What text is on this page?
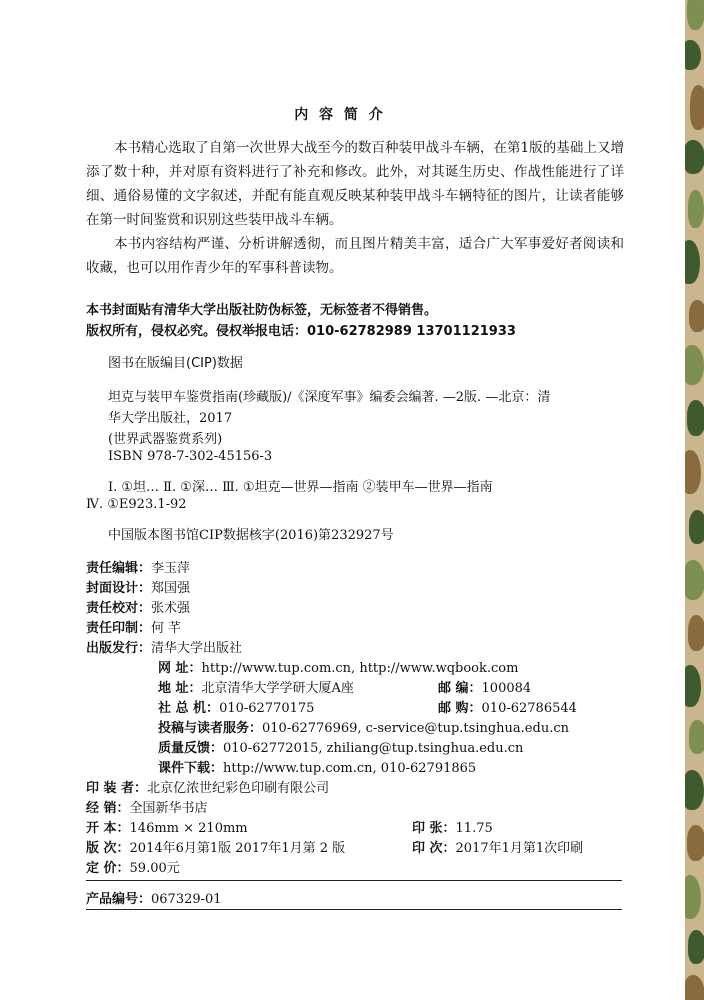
内 容 简 介

本书精心选取了自第一次世界大战至今的数百种装甲战斗车辆，在第1版的基础上又增添了数十种，并对原有资料进行了补充和修改。此外，对其诞生历史、作战性能进行了详细、通俗易懂的文字叙述，并配有能直观反映某种装甲战斗车辆特征的图片，让读者能够在第一时间鉴赏和识别这些装甲战斗车辆。

本书内容结构严谨、分析讲解透彻，而且图片精美丰富，适合广大军事爱好者阅读和收藏，也可以用作青少年的军事科普读物。

本书封面贴有清华大学出版社防伪标签，无标签者不得销售。
版权所有，侵权必究。侵权举报电话：010-62782989 13701121933
图书在版编目(CIP)数据
坦克与装甲车鉴赏指南(珍藏版)/《深度军事》编委会编著. —2版. —北京：清
华大学出版社，2017
(世界武器鉴赏系列)
ISBN 978-7-302-45156-3
Ⅰ. ①坦… Ⅱ. ①深… Ⅲ. ①坦克—世界—指南 ②装甲车—世界—指南
Ⅳ. ①E923.1-92
中国版本图书馆CIP数据核字(2016)第232927号
责任编辑：李玉萍
封面设计：郑国强
责任校对：张术强
责任印制：何 芊
出版发行：清华大学出版社
网 址：http://www.tup.com.cn, http://www.wqbook.com
地 址：北京清华大学学研大厦A座	邮 编：100084
社 总 机：010-62770175	邮 购：010-62786544
投稿与读者服务：010-62776969, c-service@tup.tsinghua.edu.cn
质量反馈：010-62772015, zhiliang@tup.tsinghua.edu.cn
课件下载：http://www.tup.com.cn, 010-62791865
印 装 者：北京亿浓世纪彩色印刷有限公司
经 销：全国新华书店
开 本：146mm × 210mm	印 张：11.75
版 次：2014年6月第1版 2017年1月第 2 版	印 次：2017年1月第1次印刷
定 价：59.00元
产品编号：067329-01
